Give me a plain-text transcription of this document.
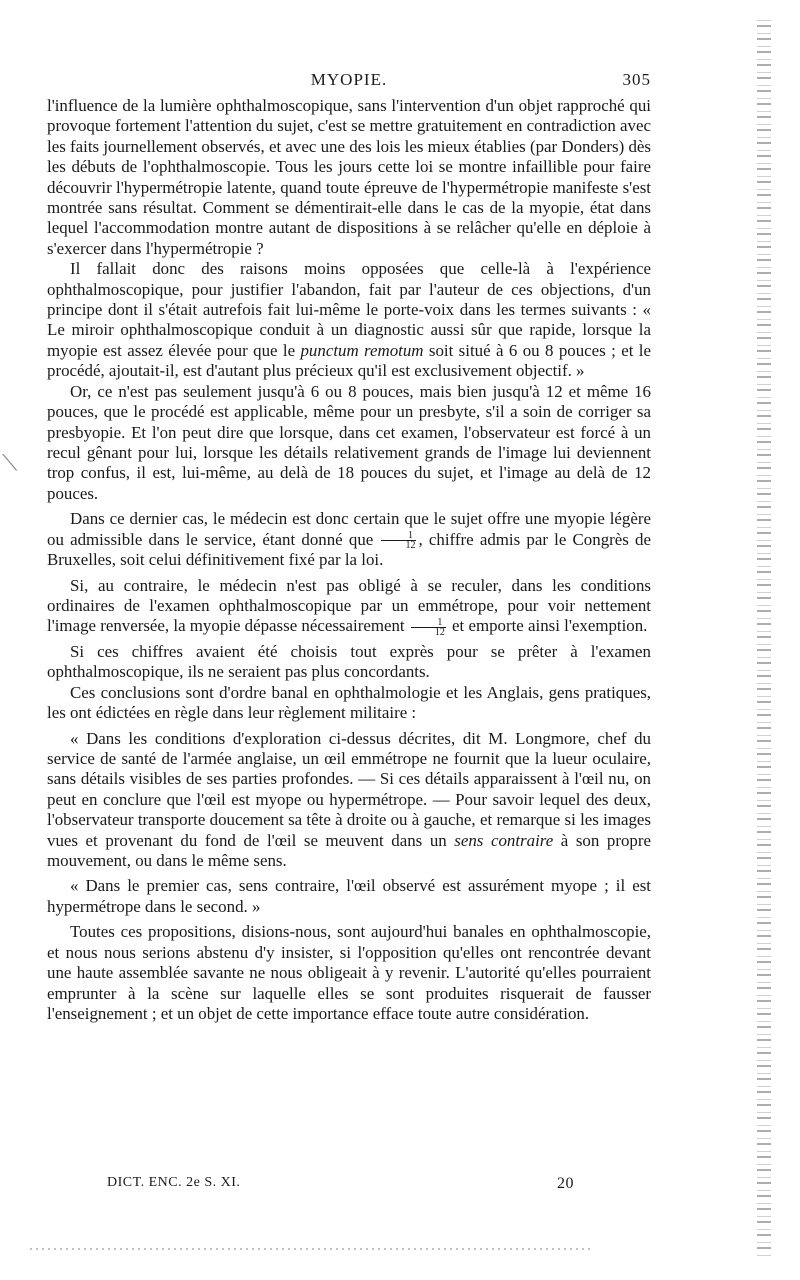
⟍
MYOPIE.	305

l'influence de la lumière ophthalmoscopique, sans l'intervention d'un objet rapproché qui provoque fortement l'attention du sujet, c'est se mettre gratuitement en contradiction avec les faits journellement observés, et avec une des lois les mieux établies (par Donders) dès les débuts de l'ophthalmoscopie. Tous les jours cette loi se montre infaillible pour faire découvrir l'hypermétropie latente, quand toute épreuve de l'hypermétropie manifeste s'est montrée sans résultat. Comment se démentirait-elle dans le cas de la myopie, état dans lequel l'accommodation montre autant de dispositions à se relâcher qu'elle en déploie à s'exercer dans l'hypermétropie ?

Il fallait donc des raisons moins opposées que celle-là à l'expérience ophthalmoscopique, pour justifier l'abandon, fait par l'auteur de ces objections, d'un principe dont il s'était autrefois fait lui-même le porte-voix dans les termes suivants : « Le miroir ophthalmoscopique conduit à un diagnostic aussi sûr que rapide, lorsque la myopie est assez élevée pour que le punctum remotum soit situé à 6 ou 8 pouces ; et le procédé, ajoutait-il, est d'autant plus précieux qu'il est exclusivement objectif. »

Or, ce n'est pas seulement jusqu'à 6 ou 8 pouces, mais bien jusqu'à 12 et même 16 pouces, que le procédé est applicable, même pour un presbyte, s'il a soin de corriger sa presbyopie. Et l'on peut dire que lorsque, dans cet examen, l'observateur est forcé à un recul gênant pour lui, lorsque les détails relativement grands de l'image lui deviennent trop confus, il est, lui-même, au delà de 18 pouces du sujet, et l'image au delà de 12 pouces.

Dans ce dernier cas, le médecin est donc certain que le sujet offre une myopie légère ou admissible dans le service, étant donné que $\frac{1}{12}$ , chiffre admis par le Congrès de Bruxelles, soit celui définitivement fixé par la loi.

Si, au contraire, le médecin n'est pas obligé à se reculer, dans les conditions ordinaires de l'examen ophthalmoscopique par un emmétrope, pour voir nettement l'image renversée, la myopie dépasse nécessairement $\frac{1}{12}$ et emporte ainsi l'exemption.

Si ces chiffres avaient été choisis tout exprès pour se prêter à l'examen ophthalmoscopique, ils ne seraient pas plus concordants.

Ces conclusions sont d'ordre banal en ophthalmologie et les Anglais, gens pratiques, les ont édictées en règle dans leur règlement militaire :

« Dans les conditions d'exploration ci-dessus décrites, dit M. Longmore, chef du service de santé de l'armée anglaise, un œil emmétrope ne fournit que la lueur oculaire, sans détails visibles de ses parties profondes. — Si ces détails apparaissent à l'œil nu, on peut en conclure que l'œil est myope ou hypermétrope. — Pour savoir lequel des deux, l'observateur transporte doucement sa tête à droite ou à gauche, et remarque si les images vues et provenant du fond de l'œil se meuvent dans un sens contraire à son propre mouvement, ou dans le même sens.

« Dans le premier cas, sens contraire, l'œil observé est assurément myope ; il est hypermétrope dans le second. »

Toutes ces propositions, disions-nous, sont aujourd'hui banales en ophthalmoscopie, et nous nous serions abstenu d'y insister, si l'opposition qu'elles ont rencontrée devant une haute assemblée savante ne nous obligeait à y revenir. L'autorité qu'elles pourraient emprunter à la scène sur laquelle elles se sont produites risquerait de fausser l'enseignement ; et un objet de cette importance efface toute autre considération.

DICT. ENC. 2e S. XI.	20
